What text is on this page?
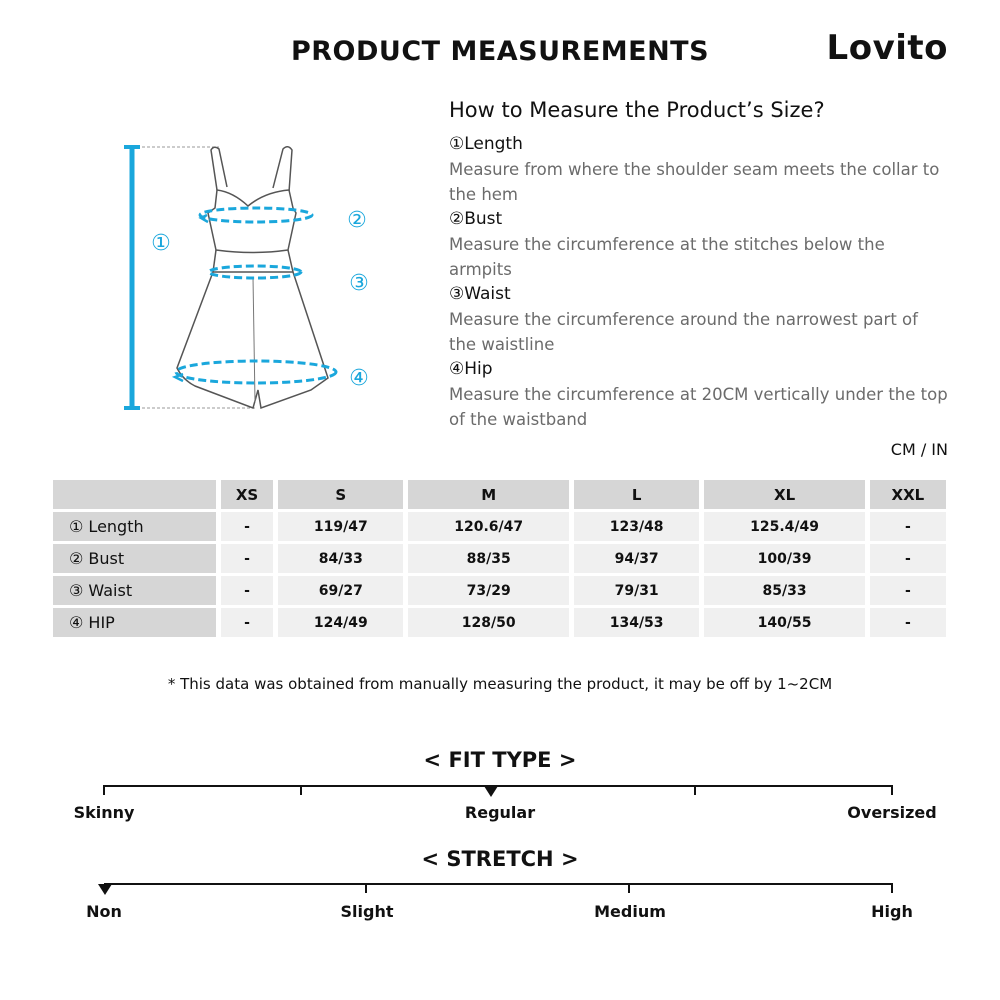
PRODUCT MEASUREMENTS	Lovito
①
②
③
④
How to Measure the Product’s Size?
①Length
Measure from where the shoulder seam meets the collar to the hem
②Bust
Measure the circumference at the stitches below the armpits
③Waist
Measure the circumference around the narrowest part of the waistline
④Hip
Measure the circumference at 20CM vertically under the top of the waistband
CM / IN
	XS	S	M	L	XL	XXL
① Length	-	119/47	120.6/47	123/48	125.4/49	-
② Bust	-	84/33	88/35	94/37	100/39	-
③ Waist	-	69/27	73/29	79/31	85/33	-
④ HIP	-	124/49	128/50	134/53	140/55	-
* This data was obtained from manually measuring the product, it may be off by 1~2CM
< FIT TYPE >
Skinny	Regular	Oversized
< STRETCH >
Non	Slight	Medium	High
